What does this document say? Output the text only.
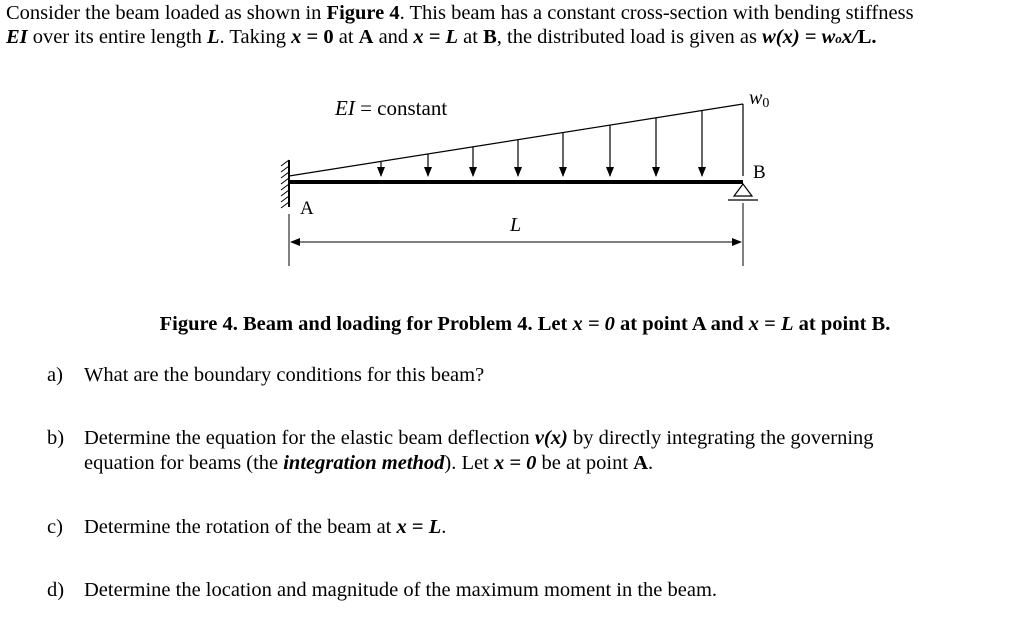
Consider the beam loaded as shown in Figure 4. This beam has a constant cross-section with bending stiffness
EI over its entire length L. Taking x = 0 at A and x = L at B, the distributed load is given as w(x) = wox/L.
EI = constant	w0
A
B
L
Figure 4. Beam and loading for Problem 4. Let x = 0 at point A and x = L at point B.
a) What are the boundary conditions for this beam?
b) Determine the equation for the elastic beam deflection v(x) by directly integrating the governing
equation for beams (the integration method). Let x = 0 be at point A.
c) Determine the rotation of the beam at x = L.
d) Determine the location and magnitude of the maximum moment in the beam.
